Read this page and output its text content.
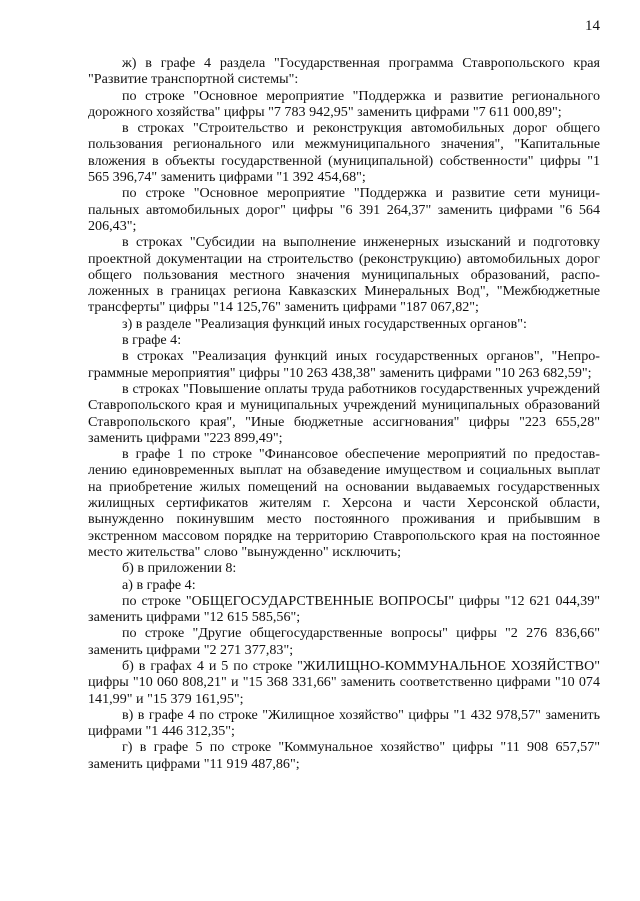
14

ж) в графе 4 раздела "Государственная программа Ставропольского края "Развитие транспортной системы":

по строке "Основное мероприятие "Поддержка и развитие регионального дорожного хозяйства" цифры "7 783 942,95" заменить цифрами "7 611 000,89";

в строках "Строительство и реконструкция автомобильных дорог общего пользования регионального или межмуниципального значения", "Капитальные вложения в объекты государственной (муниципальной) собственности" цифры "1 565 396,74" заменить цифрами "1 392 454,68";

по строке "Основное мероприятие "Поддержка и развитие сети муниципальных автомобильных дорог" цифры "6 391 264,37" заменить цифрами "6 564 206,43";

в строках "Субсидии на выполнение инженерных изысканий и подготовку проектной документации на строительство (реконструкцию) автомобильных дорог общего пользования местного значения муниципальных образований, расположенных в границах региона Кавказских Минеральных Вод", "Межбюджетные трансферты" цифры "14 125,76" заменить цифрами "187 067,82";

з) в разделе "Реализация функций иных государственных органов":

в графе 4:

в строках "Реализация функций иных государственных органов", "Непрограммные мероприятия" цифры "10 263 438,38" заменить цифрами "10 263 682,59";

в строках "Повышение оплаты труда работников государственных учреждений Ставропольского края и муниципальных учреждений муниципальных образований Ставропольского края", "Иные бюджетные ассигнования" цифры "223 655,28" заменить цифрами "223 899,49";

в графе 1 по строке "Финансовое обеспечение мероприятий по предоставлению единовременных выплат на обзаведение имуществом и социальных выплат на приобретение жилых помещений на основании выдаваемых государственных жилищных сертификатов жителям г. Херсона и части Херсонской области, вынужденно покинувшим место постоянного проживания и прибывшим в экстренном массовом порядке на территорию Ставропольского края на постоянное место жительства" слово "вынужденно" исключить;

б) в приложении 8:

а) в графе 4:

по строке "ОБЩЕГОСУДАРСТВЕННЫЕ ВОПРОСЫ" цифры "12 621 044,39" заменить цифрами "12 615 585,56";

по строке "Другие общегосударственные вопросы" цифры "2 276 836,66" заменить цифрами "2 271 377,83";

б) в графах 4 и 5 по строке "ЖИЛИЩНО-КОММУНАЛЬНОЕ ХОЗЯЙСТВО" цифры "10 060 808,21" и "15 368 331,66" заменить соответственно цифрами "10 074 141,99" и "15 379 161,95";

в) в графе 4 по строке "Жилищное хозяйство" цифры "1 432 978,57" заменить цифрами "1 446 312,35";

г) в графе 5 по строке "Коммунальное хозяйство" цифры "11 908 657,57" заменить цифрами "11 919 487,86";
